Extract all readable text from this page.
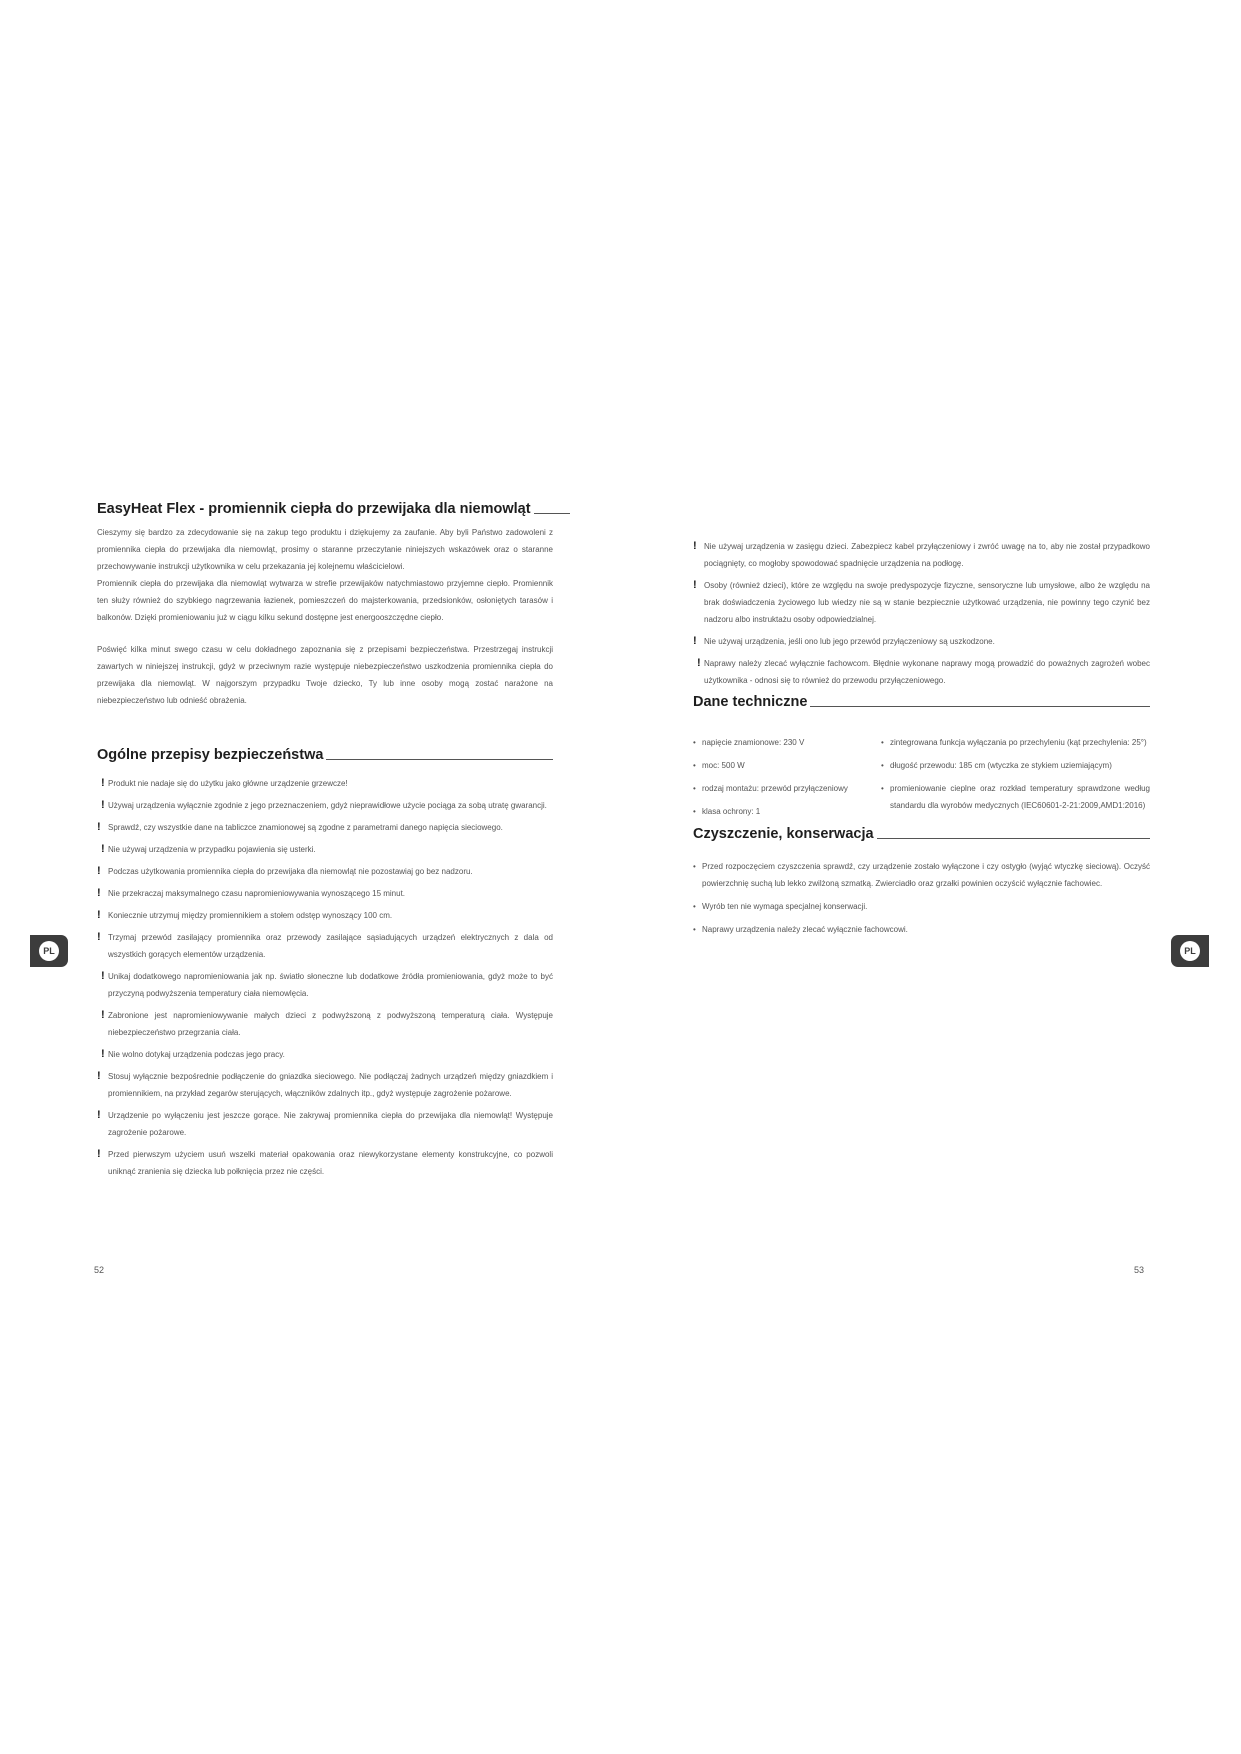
EasyHeat Flex - promiennik ciepła do przewijaka dla niemowląt

Cieszymy się bardzo za zdecydowanie się na zakup tego produktu i dziękujemy za zaufanie. Aby byli Państwo zadowoleni z promiennika ciepła do przewijaka dla niemowląt, prosimy o staranne przeczytanie niniejszych wskazówek oraz o staranne przechowywanie instrukcji użytkownika w celu przekazania jej kolejnemu właścicielowi.

Promiennik ciepła do przewijaka dla niemowląt wytwarza w strefie przewijaków natychmiastowo przyjemne ciepło. Promiennik ten służy również do szybkiego nagrzewania łazienek, pomieszczeń do majsterkowania, przedsionków, osłoniętych tarasów i balkonów. Dzięki promieniowaniu już w ciągu kilku sekund dostępne jest energooszczędne ciepło.

Poświęć kilka minut swego czasu w celu dokładnego zapoznania się z przepisami bezpieczeństwa. Przestrzegaj instrukcji zawartych w niniejszej instrukcji, gdyż w przeciwnym razie występuje niebezpieczeństwo uszkodzenia promiennika ciepła do przewijaka dla niemowląt. W najgorszym przypadku Twoje dziecko, Ty lub inne osoby mogą zostać narażone na niebezpieczeństwo lub odnieść obrażenia.

Ogólne przepisy bezpieczeństwa
! Produkt nie nadaje się do użytku jako główne urządzenie grzewcze!

! Używaj urządzenia wyłącznie zgodnie z jego przeznaczeniem, gdyż nieprawidłowe użycie pociąga za sobą utratę gwarancji.

! Sprawdź, czy wszystkie dane na tabliczce znamionowej są zgodne z parametrami danego napięcia sieciowego.

! Nie używaj urządzenia w przypadku pojawienia się usterki.

! Podczas użytkowania promiennika ciepła do przewijaka dla niemowląt nie pozostawiaj go bez nadzoru.

! Nie przekraczaj maksymalnego czasu napromieniowywania wynoszącego 15 minut.

! Koniecznie utrzymuj między promiennikiem a stołem odstęp wynoszący 100 cm.

! Trzymaj przewód zasilający promiennika oraz przewody zasilające sąsiadujących urządzeń elektrycznych z dala od wszystkich gorących elementów urządzenia.

! Unikaj dodatkowego napromieniowania jak np. światło słoneczne lub dodatkowe źródła promieniowania, gdyż może to być przyczyną podwyższenia temperatury ciała niemowlęcia.

! Zabronione jest napromieniowywanie małych dzieci z podwyższoną z podwyższoną temperaturą ciała. Występuje niebezpieczeństwo przegrzania ciała.

! Nie wolno dotykaj urządzenia podczas jego pracy.

! Stosuj wyłącznie bezpośrednie podłączenie do gniazdka sieciowego. Nie podłączaj żadnych urządzeń między gniazdkiem i promiennikiem, na przykład zegarów sterujących, włączników zdalnych itp., gdyż występuje zagrożenie pożarowe.

! Urządzenie po wyłączeniu jest jeszcze gorące. Nie zakrywaj promiennika ciepła do przewijaka dla niemowląt! Występuje zagrożenie pożarowe.

! Przed pierwszym użyciem usuń wszelki materiał opakowania oraz niewykorzystane elementy konstrukcyjne, co pozwoli uniknąć zranienia się dziecka lub połknięcia przez nie części.

! Nie używaj urządzenia w zasięgu dzieci. Zabezpiecz kabel przyłączeniowy i zwróć uwagę na to, aby nie został przypadkowo pociągnięty, co mogłoby spowodować spadnięcie urządzenia na podłogę.

! Osoby (również dzieci), które ze względu na swoje predyspozycje fizyczne, sensoryczne lub umysłowe, albo że względu na brak doświadczenia życiowego lub wiedzy nie są w stanie bezpiecznie użytkować urządzenia, nie powinny tego czynić bez nadzoru albo instruktażu osoby odpowiedzialnej.

! Nie używaj urządzenia, jeśli ono lub jego przewód przyłączeniowy są uszkodzone.

! Naprawy należy zlecać wyłącznie fachowcom. Błędnie wykonane naprawy mogą prowadzić do poważnych zagrożeń wobec użytkownika - odnosi się to również do przewodu przyłączeniowego.

Dane techniczne
• napięcie znamionowe: 230 V

• moc: 500 W

• rodzaj montażu: przewód przyłączeniowy

• klasa ochrony: 1

• zintegrowana funkcja wyłączania po przechyleniu (kąt przechylenia: 25°)

• długość przewodu: 185 cm (wtyczka ze stykiem uziemiającym)

• promieniowanie cieplne oraz rozkład temperatury sprawdzone według standardu dla wyrobów medycznych (IEC60601-2-21:2009,AMD1:2016)

Czyszczenie, konserwacja
• Przed rozpoczęciem czyszczenia sprawdź, czy urządzenie zostało wyłączone i czy ostygło (wyjąć wtyczkę sieciową). Oczyść powierzchnię suchą lub lekko zwilżoną szmatką. Zwierciadło oraz grzałki powinien oczyścić wyłącznie fachowiec.

• Wyrób ten nie wymaga specjalnej konserwacji.

• Naprawy urządzenia należy zlecać wyłącznie fachowcowi.

52	53
PL	PL
